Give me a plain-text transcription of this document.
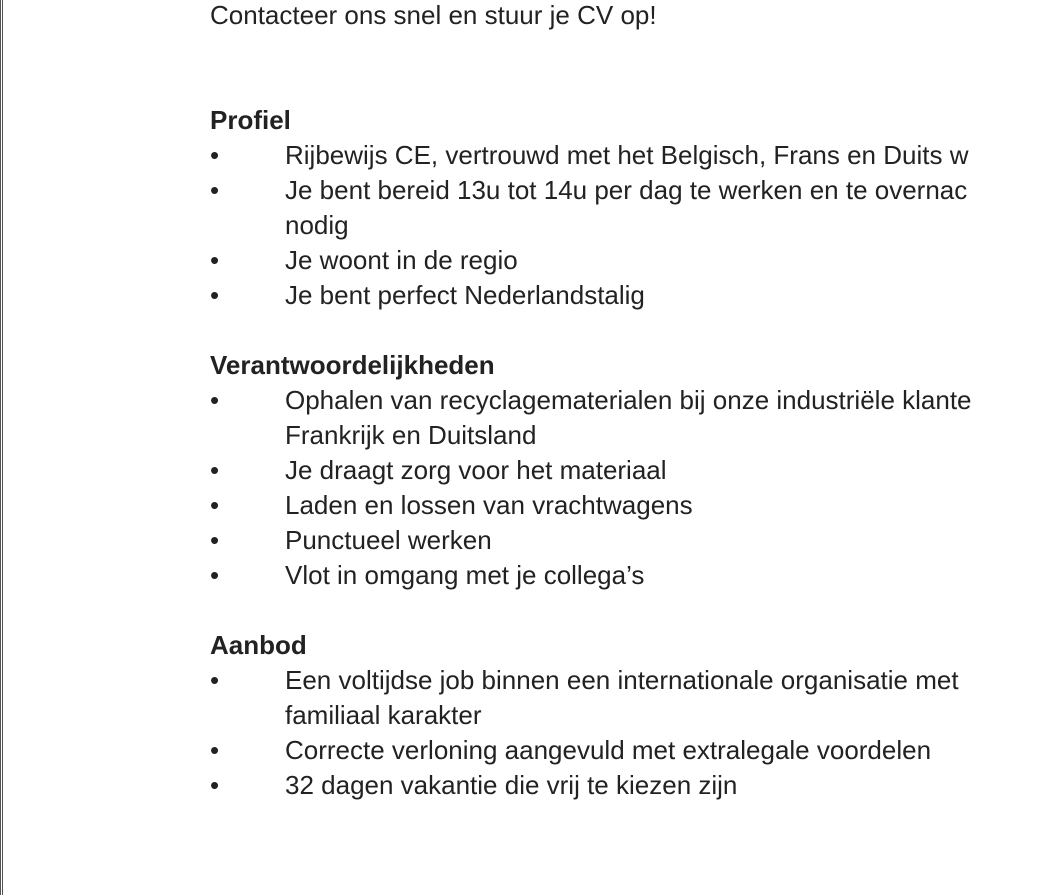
Contacteer ons snel en stuur je CV op!

Profiel
•	Rijbewijs CE, vertrouwd met het Belgisch, Frans en Duits w
•	Je bent bereid 13u tot 14u per dag te werken en te overnac
nodig
•	Je woont in de regio
•	Je bent perfect Nederlandstalig
Verantwoordelijkheden
•	Ophalen van recyclagematerialen bij onze industriële klante
Frankrijk en Duitsland
•	Je draagt zorg voor het materiaal
•	Laden en lossen van vrachtwagens
•	Punctueel werken
•	Vlot in omgang met je collega’s
Aanbod
•	Een voltijdse job binnen een internationale organisatie met
familiaal karakter
•	Correcte verloning aangevuld met extralegale voordelen
•	32 dagen vakantie die vrij te kiezen zijn
